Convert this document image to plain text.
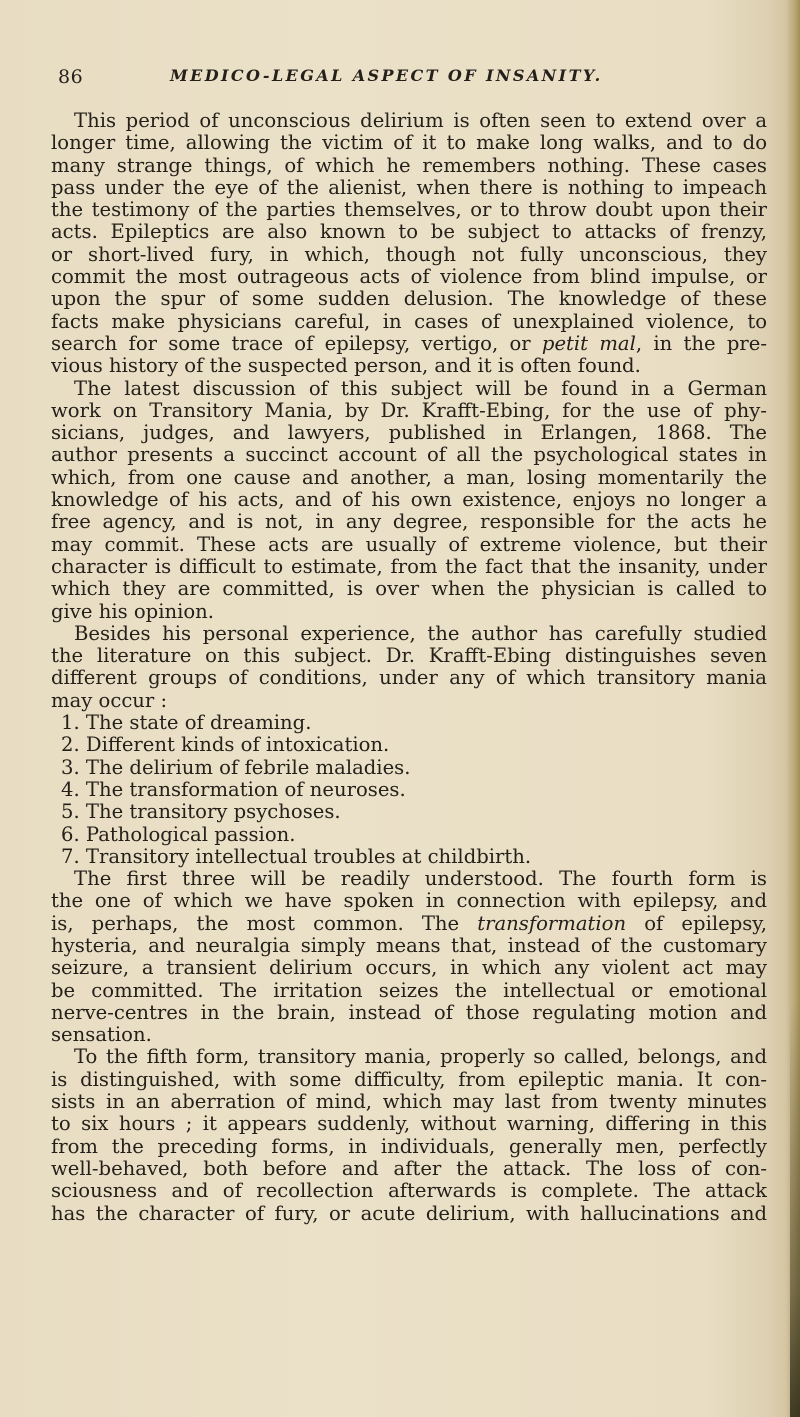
86	MEDICO-LEGAL ASPECT OF INSANITY.
This period of unconscious delirium is often seen to extend over a
longer time, allowing the victim of it to make long walks, and to do
many strange things, of which he remembers nothing. These cases
pass under the eye of the alienist, when there is nothing to impeach
the testimony of the parties themselves, or to throw doubt upon their
acts. Epileptics are also known to be subject to attacks of frenzy,
or short-lived fury, in which, though not fully unconscious, they
commit the most outrageous acts of violence from blind impulse, or
upon the spur of some sudden delusion. The knowledge of these
facts make physicians careful, in cases of unexplained violence, to
search for some trace of epilepsy, vertigo, or petit mal, in the pre-
vious history of the suspected person, and it is often found.
The latest discussion of this subject will be found in a German
work on Transitory Mania, by Dr. Krafft-Ebing, for the use of phy-
sicians, judges, and lawyers, published in Erlangen, 1868. The
author presents a succinct account of all the psychological states in
which, from one cause and another, a man, losing momentarily the
knowledge of his acts, and of his own existence, enjoys no longer a
free agency, and is not, in any degree, responsible for the acts he
may commit. These acts are usually of extreme violence, but their
character is difficult to estimate, from the fact that the insanity, under
which they are committed, is over when the physician is called to
give his opinion.
Besides his personal experience, the author has carefully studied
the literature on this subject. Dr. Krafft-Ebing distinguishes seven
different groups of conditions, under any of which transitory mania
may occur :
1. The state of dreaming.
2. Different kinds of intoxication.
3. The delirium of febrile maladies.
4. The transformation of neuroses.
5. The transitory psychoses.
6. Pathological passion.
7. Transitory intellectual troubles at childbirth.
The first three will be readily understood. The fourth form is
the one of which we have spoken in connection with epilepsy, and
is, perhaps, the most common. The transformation of epilepsy,
hysteria, and neuralgia simply means that, instead of the customary
seizure, a transient delirium occurs, in which any violent act may
be committed. The irritation seizes the intellectual or emotional
nerve-centres in the brain, instead of those regulating motion and
sensation.
To the fifth form, transitory mania, properly so called, belongs, and
is distinguished, with some difficulty, from epileptic mania. It con-
sists in an aberration of mind, which may last from twenty minutes
to six hours ; it appears suddenly, without warning, differing in this
from the preceding forms, in individuals, generally men, perfectly
well-behaved, both before and after the attack. The loss of con-
sciousness and of recollection afterwards is complete. The attack
has the character of fury, or acute delirium, with hallucinations and
